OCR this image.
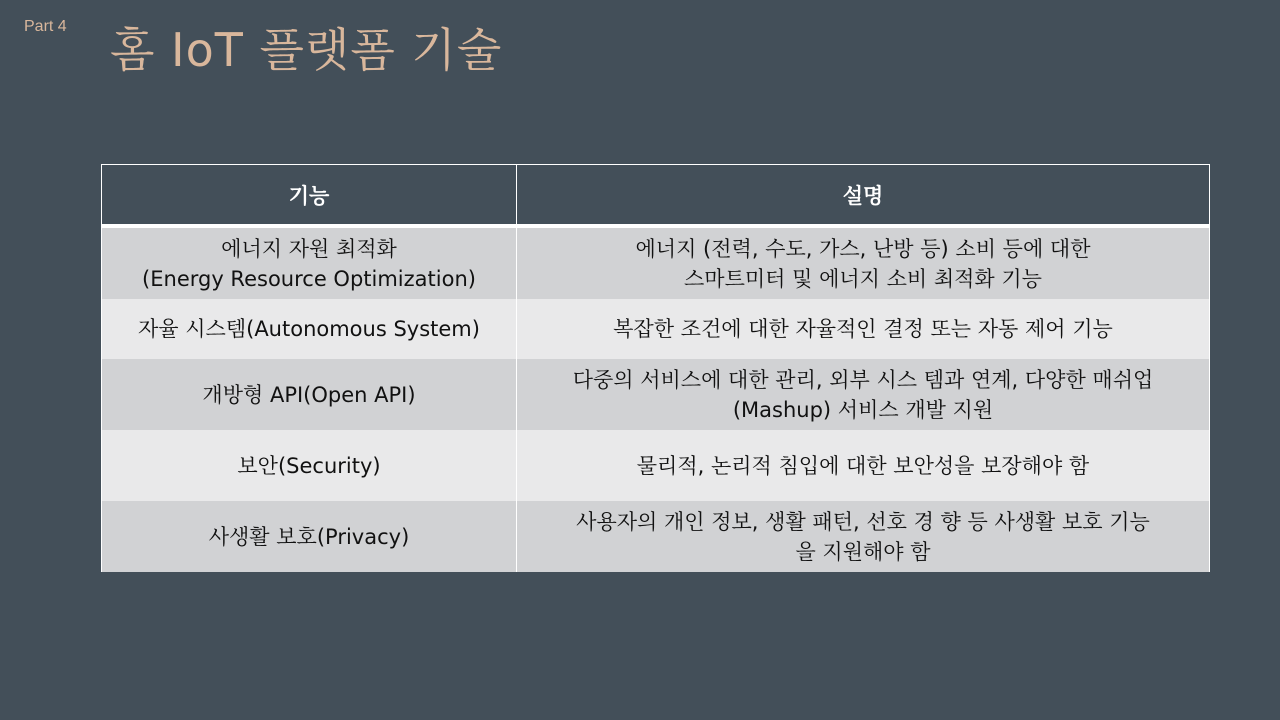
Part 4 홈 IoT 플랫폼 기술
기능	설명

에너지 자원 최적화
(Energy Resource Optimization)	에너지 (전력, 수도, 가스, 난방 등) 소비 등에 대한
스마트미터 및 에너지 소비 최적화 기능

자율 시스템(Autonomous System)	복잡한 조건에 대한 자율적인 결정 또는 자동 제어 기능

개방형 API(Open API)	다중의 서비스에 대한 관리, 외부 시스 템과 연계, 다양한 매쉬업
(Mashup) 서비스 개발 지원

보안(Security)	물리적, 논리적 침입에 대한 보안성을 보장해야 함

사생활 보호(Privacy)	사용자의 개인 정보, 생활 패턴, 선호 경 향 등 사생활 보호 기능
을 지원해야 함
